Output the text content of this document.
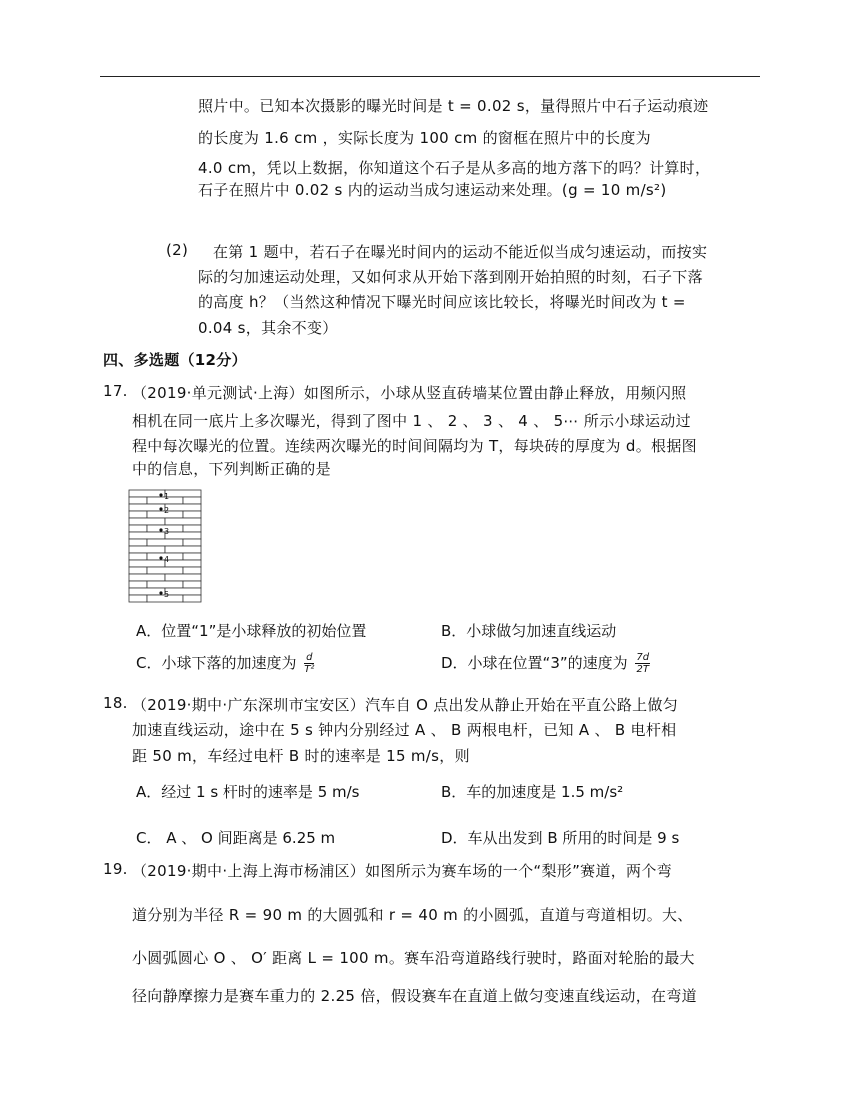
照片中。已知本次摄影的曝光时间是 t = 0.02 s，量得照片中石子运动痕迹
的长度为 1.6 cm ，实际长度为 100 cm 的窗框在照片中的长度为
4.0 cm，凭以上数据，你知道这个石子是从多高的地方落下的吗？计算时，
石子在照片中 0.02 s 内的运动当成匀速运动来处理。(g = 10 m/s²)
(2) 在第 1 题中，若石子在曝光时间内的运动不能近似当成匀速运动，而按实
际的匀加速运动处理，又如何求从开始下落到刚开始拍照的时刻，石子下落
的高度 h？（当然这种情况下曝光时间应该比较长，将曝光时间改为 t =
0.04 s，其余不变）
四、多选题（12分）
17. （2019·单元测试·上海）如图所示，小球从竖直砖墙某位置由静止释放，用频闪照
相机在同一底片上多次曝光，得到了图中 1 、 2 、 3 、 4 、 5⋯ 所示小球运动过
程中每次曝光的位置。连续两次曝光的时间间隔均为 T，每块砖的厚度为 d。根据图
中的信息，下列判断正确的是
1
2
3
4
5
A．位置“1”是小球释放的初始位置	B．小球做匀加速直线运动
C．小球下落的加速度为 $\frac{d}{\text{T²}}$	D．小球在位置“3”的速度为 $\frac{7d}{2T}$
18. （2019·期中·广东深圳市宝安区）汽车自 O 点出发从静止开始在平直公路上做匀
加速直线运动，途中在 5 s 钟内分别经过 A 、 B 两根电杆，已知 A 、 B 电杆相
距 50 m，车经过电杆 B 时的速率是 15 m/s，则
A．经过 1 s 杆时的速率是 5 m/s	B．车的加速度是 1.5 m/s²
C． A 、 O 间距离是 6.25 m	D．车从出发到 B 所用的时间是 9 s
19. （2019·期中·上海上海市杨浦区）如图所示为赛车场的一个“梨形”赛道，两个弯
道分别为半径 R = 90 m 的大圆弧和 r = 40 m 的小圆弧，直道与弯道相切。大、
小圆弧圆心 O 、 O′ 距离 L = 100 m。赛车沿弯道路线行驶时，路面对轮胎的最大
径向静摩擦力是赛车重力的 2.25 倍，假设赛车在直道上做匀变速直线运动，在弯道
